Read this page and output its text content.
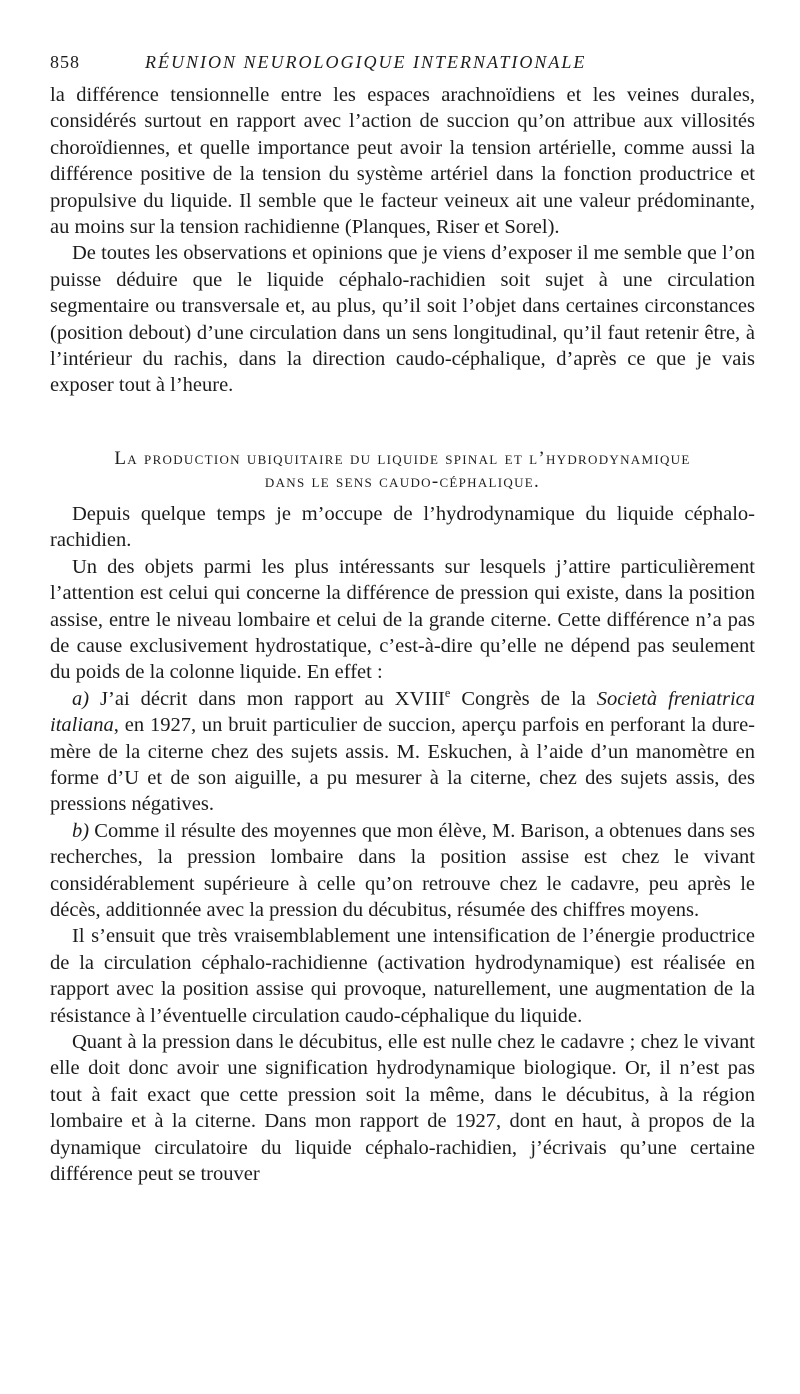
858	RÉUNION NEUROLOGIQUE INTERNATIONALE

la différence tensionnelle entre les espaces arachnoïdiens et les veines durales, considérés surtout en rapport avec l’action de succion qu’on attribue aux villosités choroïdiennes, et quelle importance peut avoir la tension artérielle, comme aussi la différence positive de la tension du système artériel dans la fonction productrice et propulsive du liquide. Il semble que le facteur veineux ait une valeur prédominante, au moins sur la tension rachidienne (Planques, Riser et Sorel).

De toutes les observations et opinions que je viens d’exposer il me semble que l’on puisse déduire que le liquide céphalo-rachidien soit sujet à une circulation segmentaire ou transversale et, au plus, qu’il soit l’objet dans certaines circonstances (position debout) d’une circulation dans un sens longitudinal, qu’il faut retenir être, à l’intérieur du rachis, dans la direction caudo-céphalique, d’après ce que je vais exposer tout à l’heure.

La production ubiquitaire du liquide spinal et l’hydrodynamique
dans le sens caudo-céphalique.

Depuis quelque temps je m’occupe de l’hydrodynamique du liquide céphalo-rachidien.

Un des objets parmi les plus intéressants sur lesquels j’attire particulièrement l’attention est celui qui concerne la différence de pression qui existe, dans la position assise, entre le niveau lombaire et celui de la grande citerne. Cette différence n’a pas de cause exclusivement hydrostatique, c’est-à-dire qu’elle ne dépend pas seulement du poids de la colonne liquide. En effet :

a) J’ai décrit dans mon rapport au XVIIIe Congrès de la Società freniatrica italiana, en 1927, un bruit particulier de succion, aperçu parfois en perforant la dure-mère de la citerne chez des sujets assis. M. Eskuchen, à l’aide d’un manomètre en forme d’U et de son aiguille, a pu mesurer à la citerne, chez des sujets assis, des pressions négatives.

b) Comme il résulte des moyennes que mon élève, M. Barison, a obtenues dans ses recherches, la pression lombaire dans la position assise est chez le vivant considérablement supérieure à celle qu’on retrouve chez le cadavre, peu après le décès, additionnée avec la pression du décubitus, résumée des chiffres moyens.

Il s’ensuit que très vraisemblablement une intensification de l’énergie productrice de la circulation céphalo-rachidienne (activation hydrodynamique) est réalisée en rapport avec la position assise qui provoque, naturellement, une augmentation de la résistance à l’éventuelle circulation caudo-céphalique du liquide.

Quant à la pression dans le décubitus, elle est nulle chez le cadavre ; chez le vivant elle doit donc avoir une signification hydrodynamique biologique. Or, il n’est pas tout à fait exact que cette pression soit la même, dans le décubitus, à la région lombaire et à la citerne. Dans mon rapport de 1927, dont en haut, à propos de la dynamique circulatoire du liquide céphalo-rachidien, j’écrivais qu’une certaine différence peut se trouver
